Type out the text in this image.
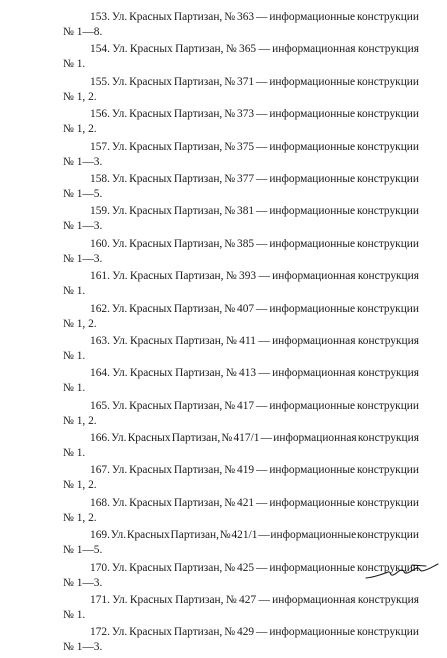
153. Ул. Красных Партизан, № 363 — информационные конструкции
№ 1—8.
154. Ул. Красных Партизан, № 365 — информационная конструкция
№ 1.
155. Ул. Красных Партизан, № 371 — информационные конструкции
№ 1, 2.
156. Ул. Красных Партизан, № 373 — информационные конструкции
№ 1, 2.
157. Ул. Красных Партизан, № 375 — информационные конструкции
№ 1—3.
158. Ул. Красных Партизан, № 377 — информационные конструкции
№ 1—5.
159. Ул. Красных Партизан, № 381 — информационные конструкции
№ 1—3.
160. Ул. Красных Партизан, № 385 — информационные конструкции
№ 1—3.
161. Ул. Красных Партизан, № 393 — информационная конструкция
№ 1.
162. Ул. Красных Партизан, № 407 — информационные конструкции
№ 1, 2.
163. Ул. Красных Партизан, № 411 — информационная конструкция
№ 1.
164. Ул. Красных Партизан, № 413 — информационная конструкция
№ 1.
165. Ул. Красных Партизан, № 417 — информационные конструкции
№ 1, 2.
166. Ул. Красных Партизан, № 417/1 — информационная конструкция
№ 1.
167. Ул. Красных Партизан, № 419 — информационные конструкции
№ 1, 2.
168. Ул. Красных Партизан, № 421 — информационные конструкции
№ 1, 2.
169. Ул. Красных Партизан, № 421/1 — информационные конструкции
№ 1—5.
170. Ул. Красных Партизан, № 425 — информационные конструкции
№ 1—3.
171. Ул. Красных Партизан, № 427 — информационная конструкция
№ 1.
172. Ул. Красных Партизан, № 429 — информационные конструкции
№ 1—3.
